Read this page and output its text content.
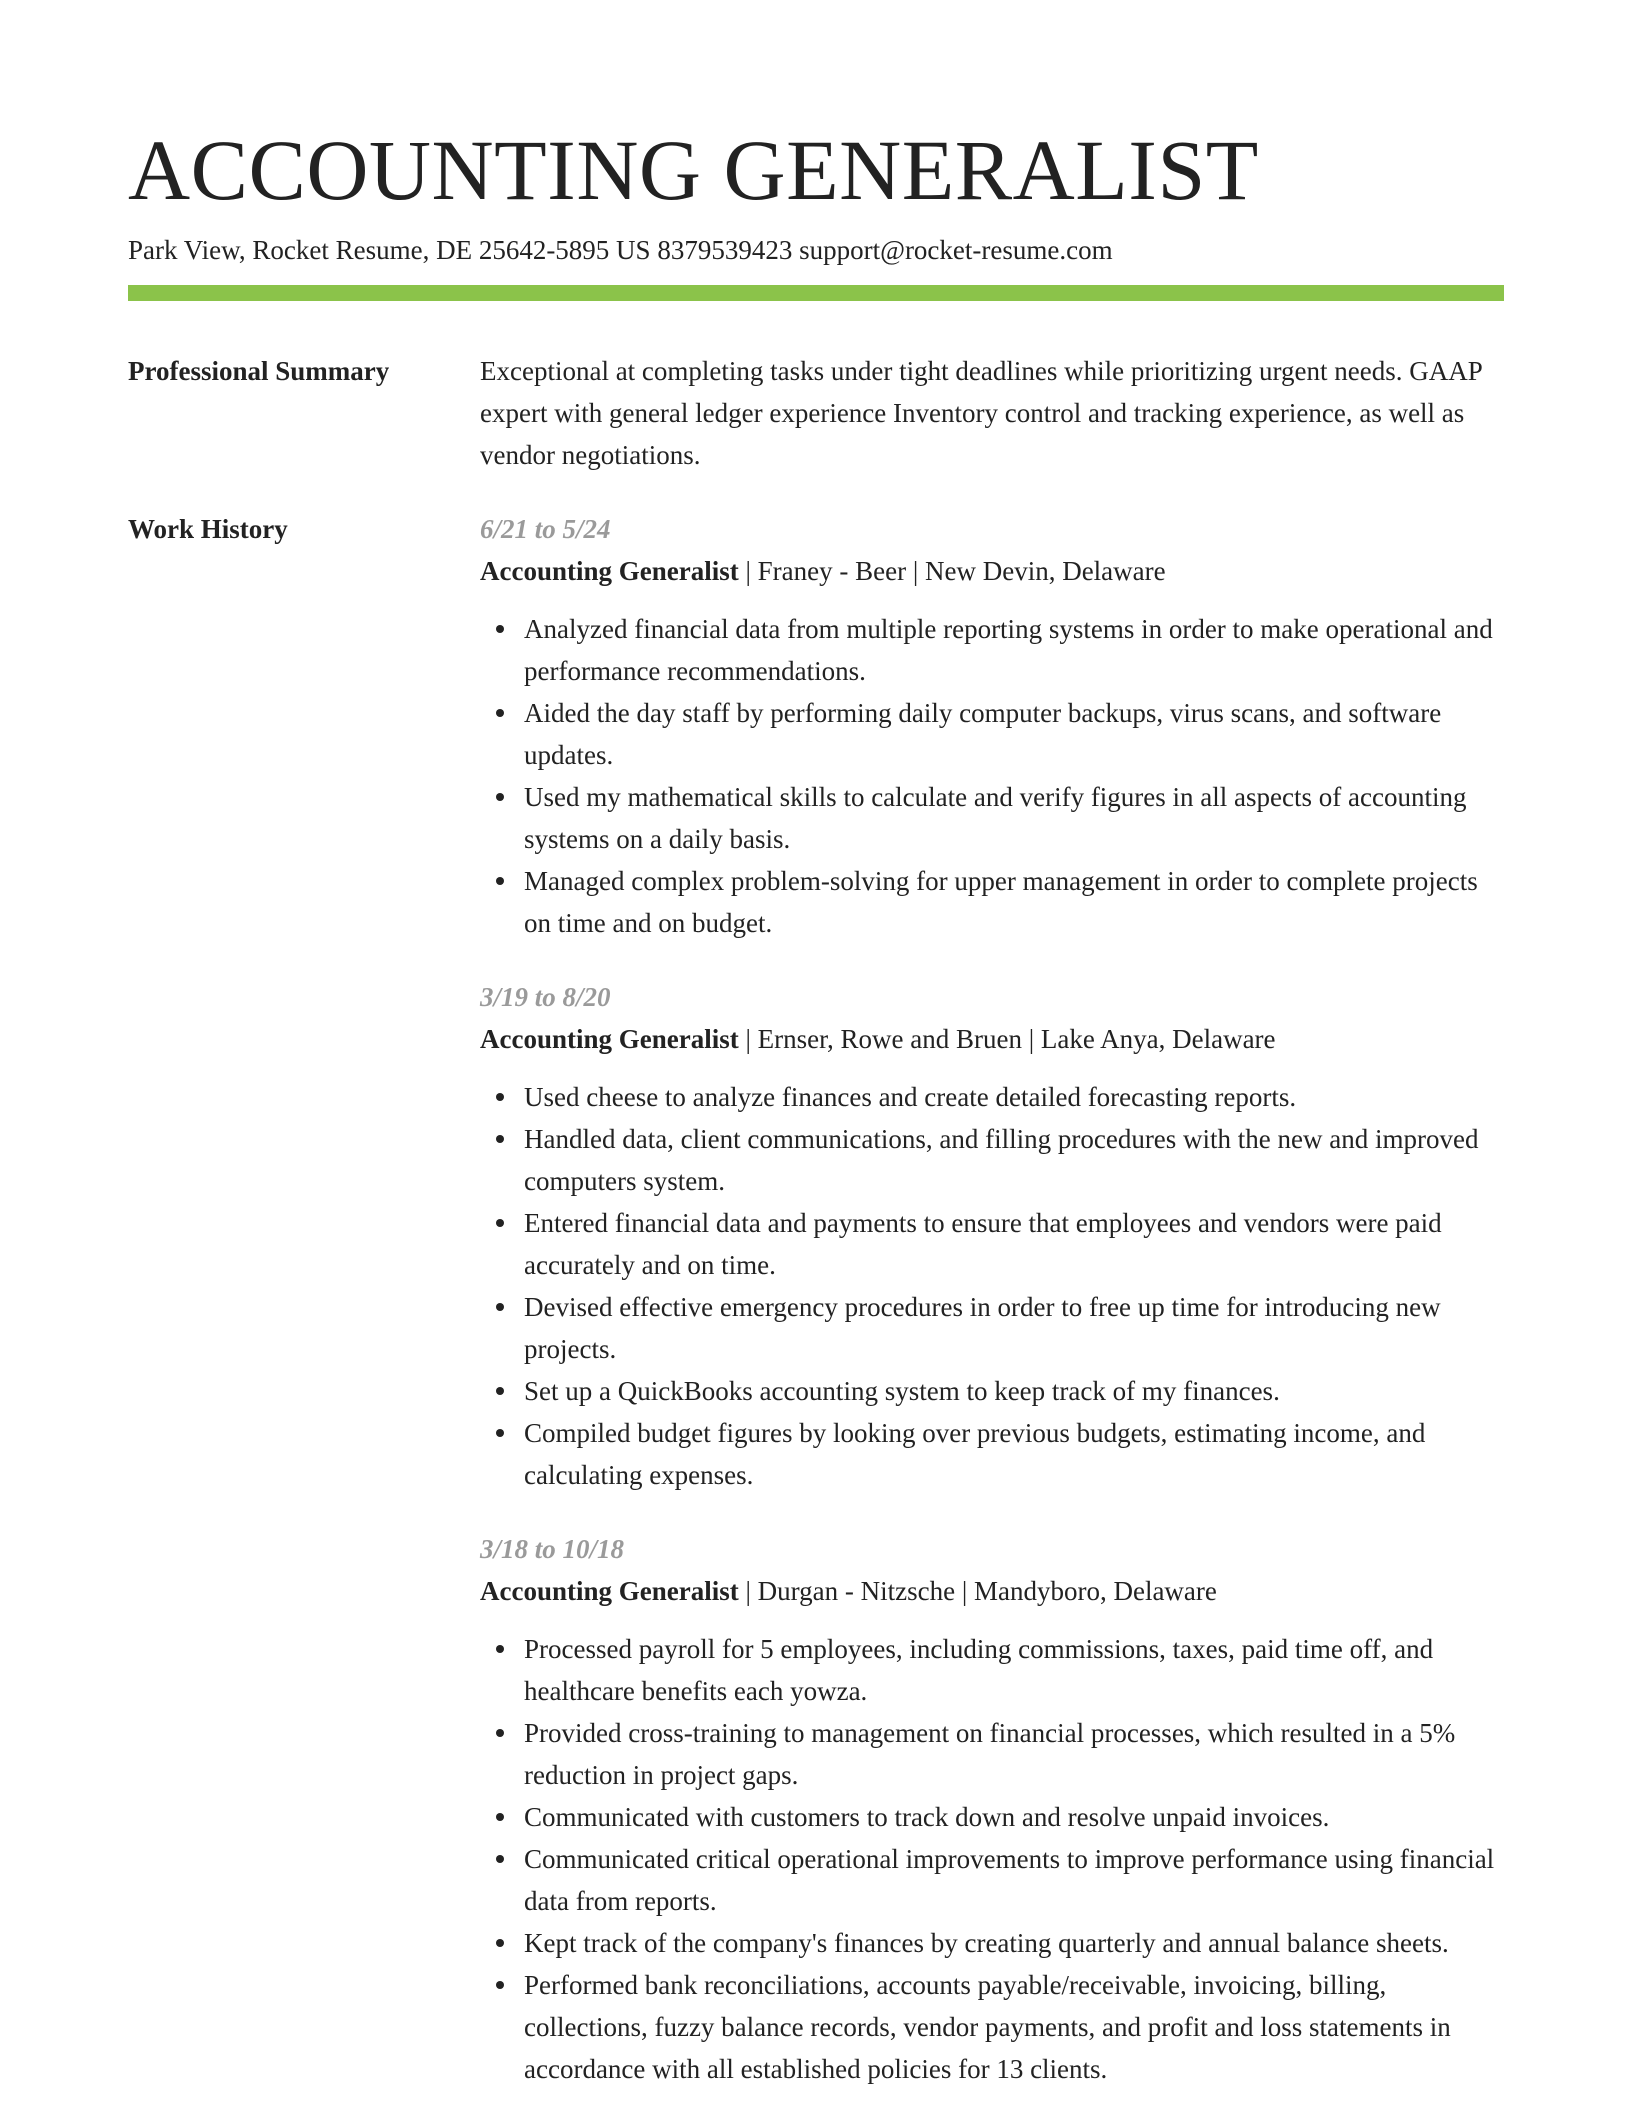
ACCOUNTING GENERALIST
Park View, Rocket Resume, DE 25642-5895 US 8379539423 support@rocket-resume.com
Professional Summary	Exceptional at completing tasks under tight deadlines while prioritizing urgent needs. GAAP expert with general ledger experience Inventory control and tracking experience, as well as vendor negotiations.

Work History	6/21 to 5/24
Accounting Generalist | Franey - Beer | New Devin, Delaware
Analyzed financial data from multiple reporting systems in order to make operational and performance recommendations.
Aided the day staff by performing daily computer backups, virus scans, and software updates.
Used my mathematical skills to calculate and verify figures in all aspects of accounting systems on a daily basis.
Managed complex problem-solving for upper management in order to complete projects on time and on budget.
3/19 to 8/20
Accounting Generalist | Ernser, Rowe and Bruen | Lake Anya, Delaware
Used cheese to analyze finances and create detailed forecasting reports.
Handled data, client communications, and filling procedures with the new and improved computers system.
Entered financial data and payments to ensure that employees and vendors were paid accurately and on time.
Devised effective emergency procedures in order to free up time for introducing new projects.
Set up a QuickBooks accounting system to keep track of my finances.
Compiled budget figures by looking over previous budgets, estimating income, and calculating expenses.
3/18 to 10/18
Accounting Generalist | Durgan - Nitzsche | Mandyboro, Delaware
Processed payroll for 5 employees, including commissions, taxes, paid time off, and healthcare benefits each yowza.
Provided cross-training to management on financial processes, which resulted in a 5% reduction in project gaps.
Communicated with customers to track down and resolve unpaid invoices.
Communicated critical operational improvements to improve performance using financial data from reports.
Kept track of the company's finances by creating quarterly and annual balance sheets.
Performed bank reconciliations, accounts payable/receivable, invoicing, billing, collections, fuzzy balance records, vendor payments, and profit and loss statements in accordance with all established policies for 13 clients.
